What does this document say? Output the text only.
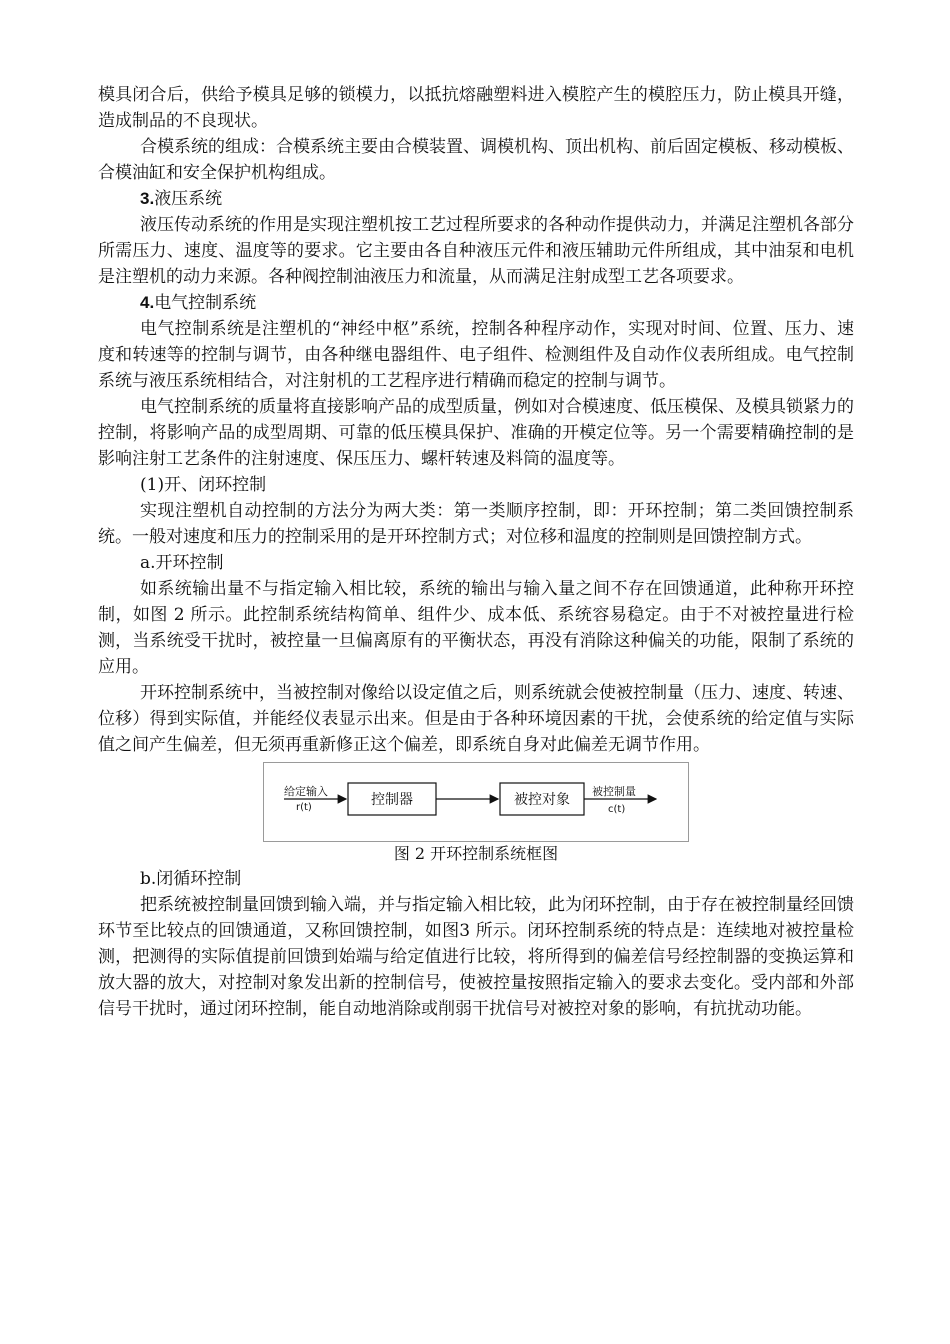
模具闭合后，供给予模具足够的锁模力，以抵抗熔融塑料进入模腔产生的模腔压力，防止模具开缝，造成制品的不良现状。

合模系统的组成：合模系统主要由合模装置、调模机构、顶出机构、前后固定模板、移动模板、合模油缸和安全保护机构组成。

3.液压系统

液压传动系统的作用是实现注塑机按工艺过程所要求的各种动作提供动力，并满足注塑机各部分所需压力、速度、温度等的要求。它主要由各自种液压元件和液压辅助元件所组成，其中油泵和电机是注塑机的动力来源。各种阀控制油液压力和流量，从而满足注射成型工艺各项要求。

4.电气控制系统

电气控制系统是注塑机的“神经中枢”系统，控制各种程序动作，实现对时间、位置、压力、速度和转速等的控制与调节，由各种继电器组件、电子组件、检测组件及自动作仪表所组成。电气控制系统与液压系统相结合，对注射机的工艺程序进行精确而稳定的控制与调节。

电气控制系统的质量将直接影响产品的成型质量，例如对合模速度、低压模保、及模具锁紧力的控制，将影响产品的成型周期、可靠的低压模具保护、准确的开模定位等。另一个需要精确控制的是影响注射工艺条件的注射速度、保压压力、螺杆转速及料筒的温度等。

(1)开、闭环控制

实现注塑机自动控制的方法分为两大类：第一类顺序控制，即：开环控制；第二类回馈控制系统。一般对速度和压力的控制采用的是开环控制方式；对位移和温度的控制则是回馈控制方式。

a.开环控制

如系统输出量不与指定输入相比较，系统的输出与输入量之间不存在回馈通道，此种称开环控制，如图 2 所示。此控制系统结构简单、组件少、成本低、系统容易稳定。由于不对被控量进行检测，当系统受干扰时，被控量一旦偏离原有的平衡状态，再没有消除这种偏关的功能，限制了系统的应用。

开环控制系统中，当被控制对像给以设定值之后，则系统就会使被控制量（压力、速度、转速、位移）得到实际值，并能经仪表显示出来。但是由于各种环境因素的干扰，会使系统的给定值与实际值之间产生偏差，但无须再重新修正这个偏差，即系统自身对此偏差无调节作用。

给定输入
r(t)	控制器	被控对象
被控制量
c(t)
图 2 开环控制系统框图

b.闭循环控制

把系统被控制量回馈到输入端，并与指定输入相比较，此为闭环控制，由于存在被控制量经回馈环节至比较点的回馈通道，又称回馈控制，如图3 所示。闭环控制系统的特点是：连续地对被控量检测，把测得的实际值提前回馈到始端与给定值进行比较，将所得到的偏差信号经控制器的变换运算和放大器的放大，对控制对象发出新的控制信号，使被控量按照指定输入的要求去变化。受内部和外部信号干扰时，通过闭环控制，能自动地消除或削弱干扰信号对被控对象的影响，有抗扰动功能。
